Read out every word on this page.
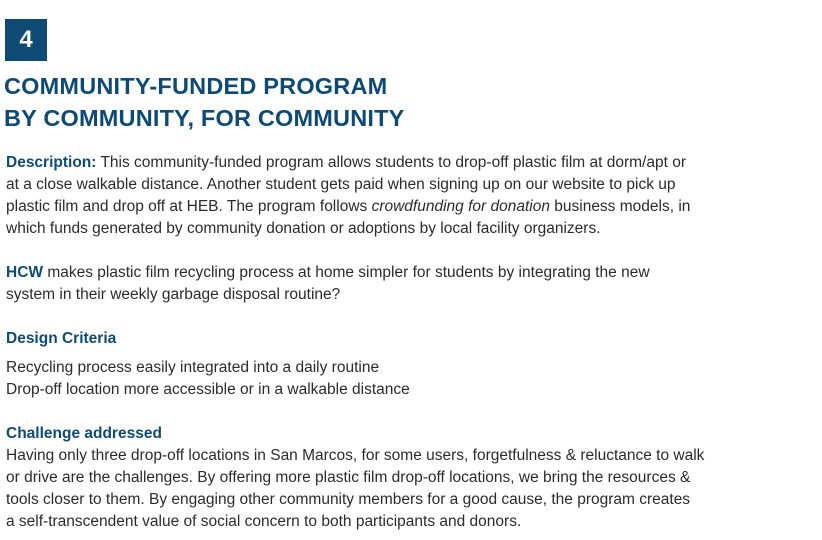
4
COMMUNITY-FUNDED PROGRAM
BY COMMUNITY, FOR COMMUNITY
Description: This community-funded program allows students to drop-off plastic film at dorm/apt or
at a close walkable distance. Another student gets paid when signing up on our website to pick up
plastic film and drop off at HEB. The program follows crowdfunding for donation business models, in
which funds generated by community donation or adoptions by local facility organizers.
HCW makes plastic film recycling process at home simpler for students by integrating the new
system in their weekly garbage disposal routine?
Design Criteria
Recycling process easily integrated into a daily routine
Drop-off location more accessible or in a walkable distance
Challenge addressed
Having only three drop-off locations in San Marcos, for some users, forgetfulness & reluctance to walk
or drive are the challenges. By offering more plastic film drop-off locations, we bring the resources &
tools closer to them. By engaging other community members for a good cause, the program creates
a self-transcendent value of social concern to both participants and donors.
